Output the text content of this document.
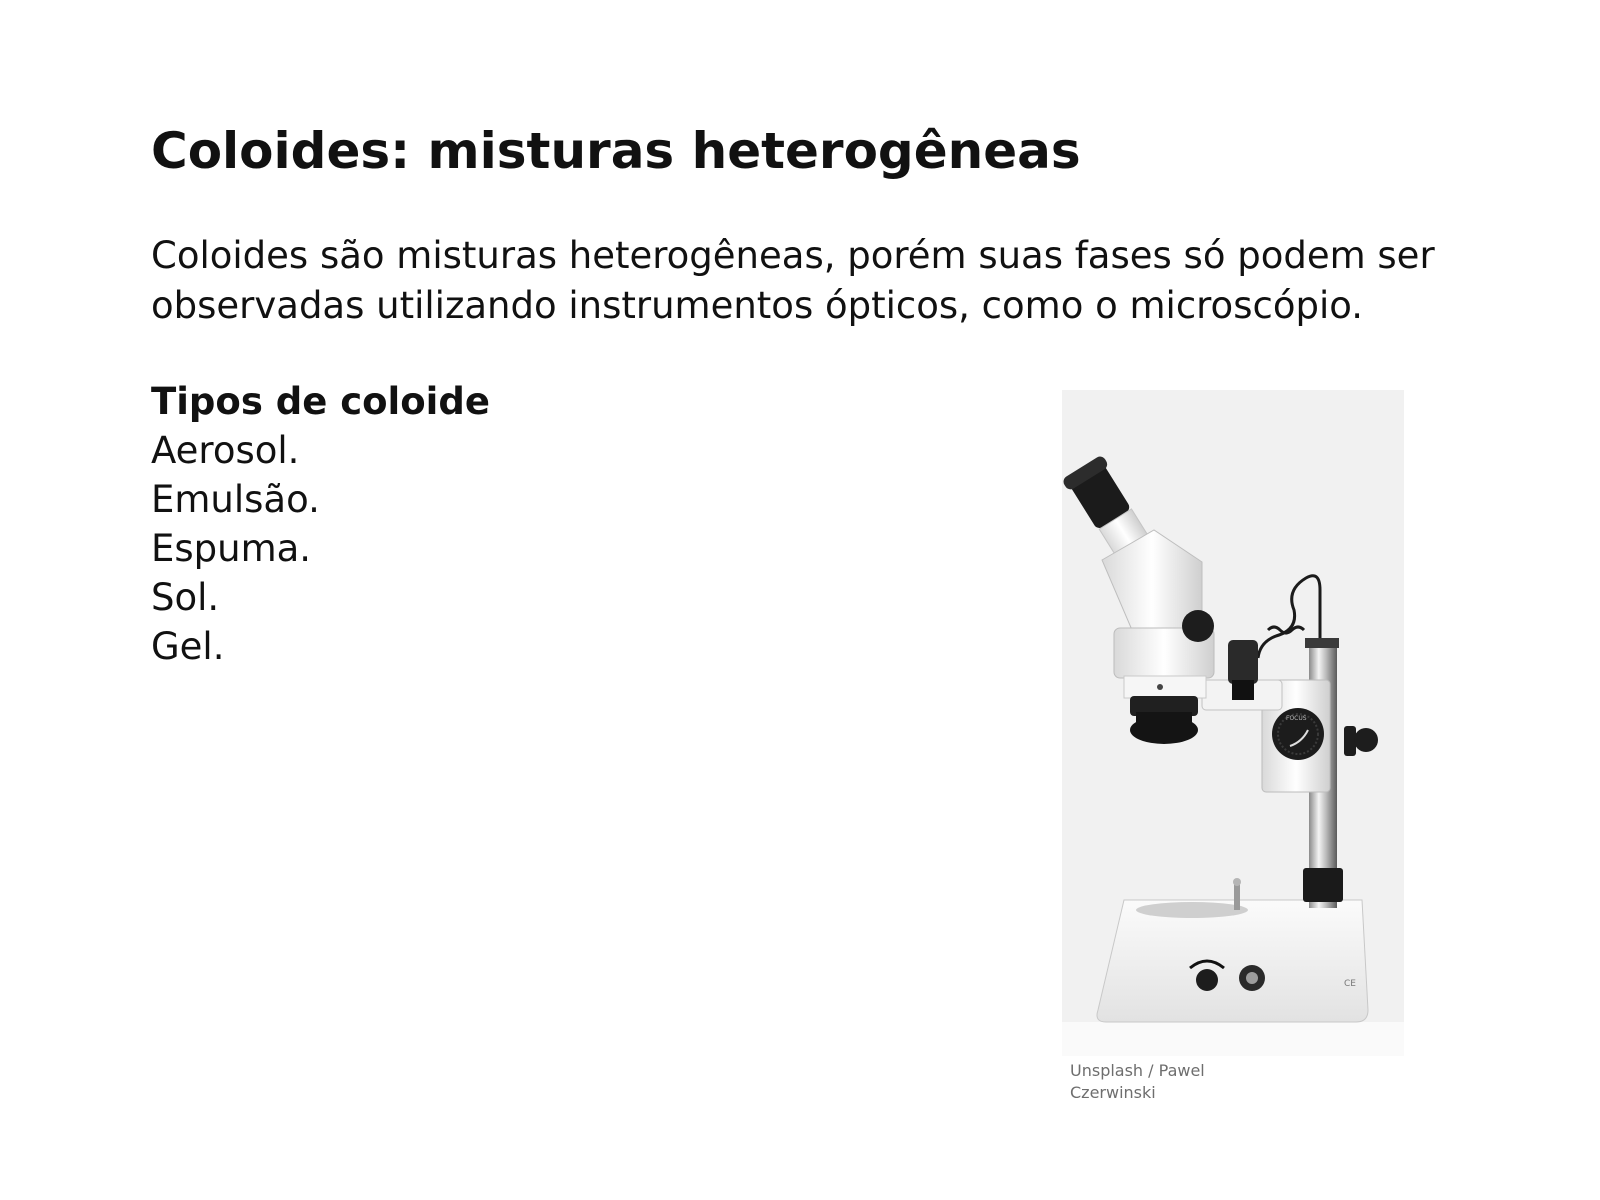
Coloides: misturas heterogêneas

Coloides são misturas heterogêneas, porém suas fases só podem ser observadas utilizando instrumentos ópticos, como o microscópio.

Tipos de coloide
Aerosol.
Emulsão.
Espuma.
Sol.
Gel.
CE
FOCUS
Unsplash / Pawel
Czerwinski
